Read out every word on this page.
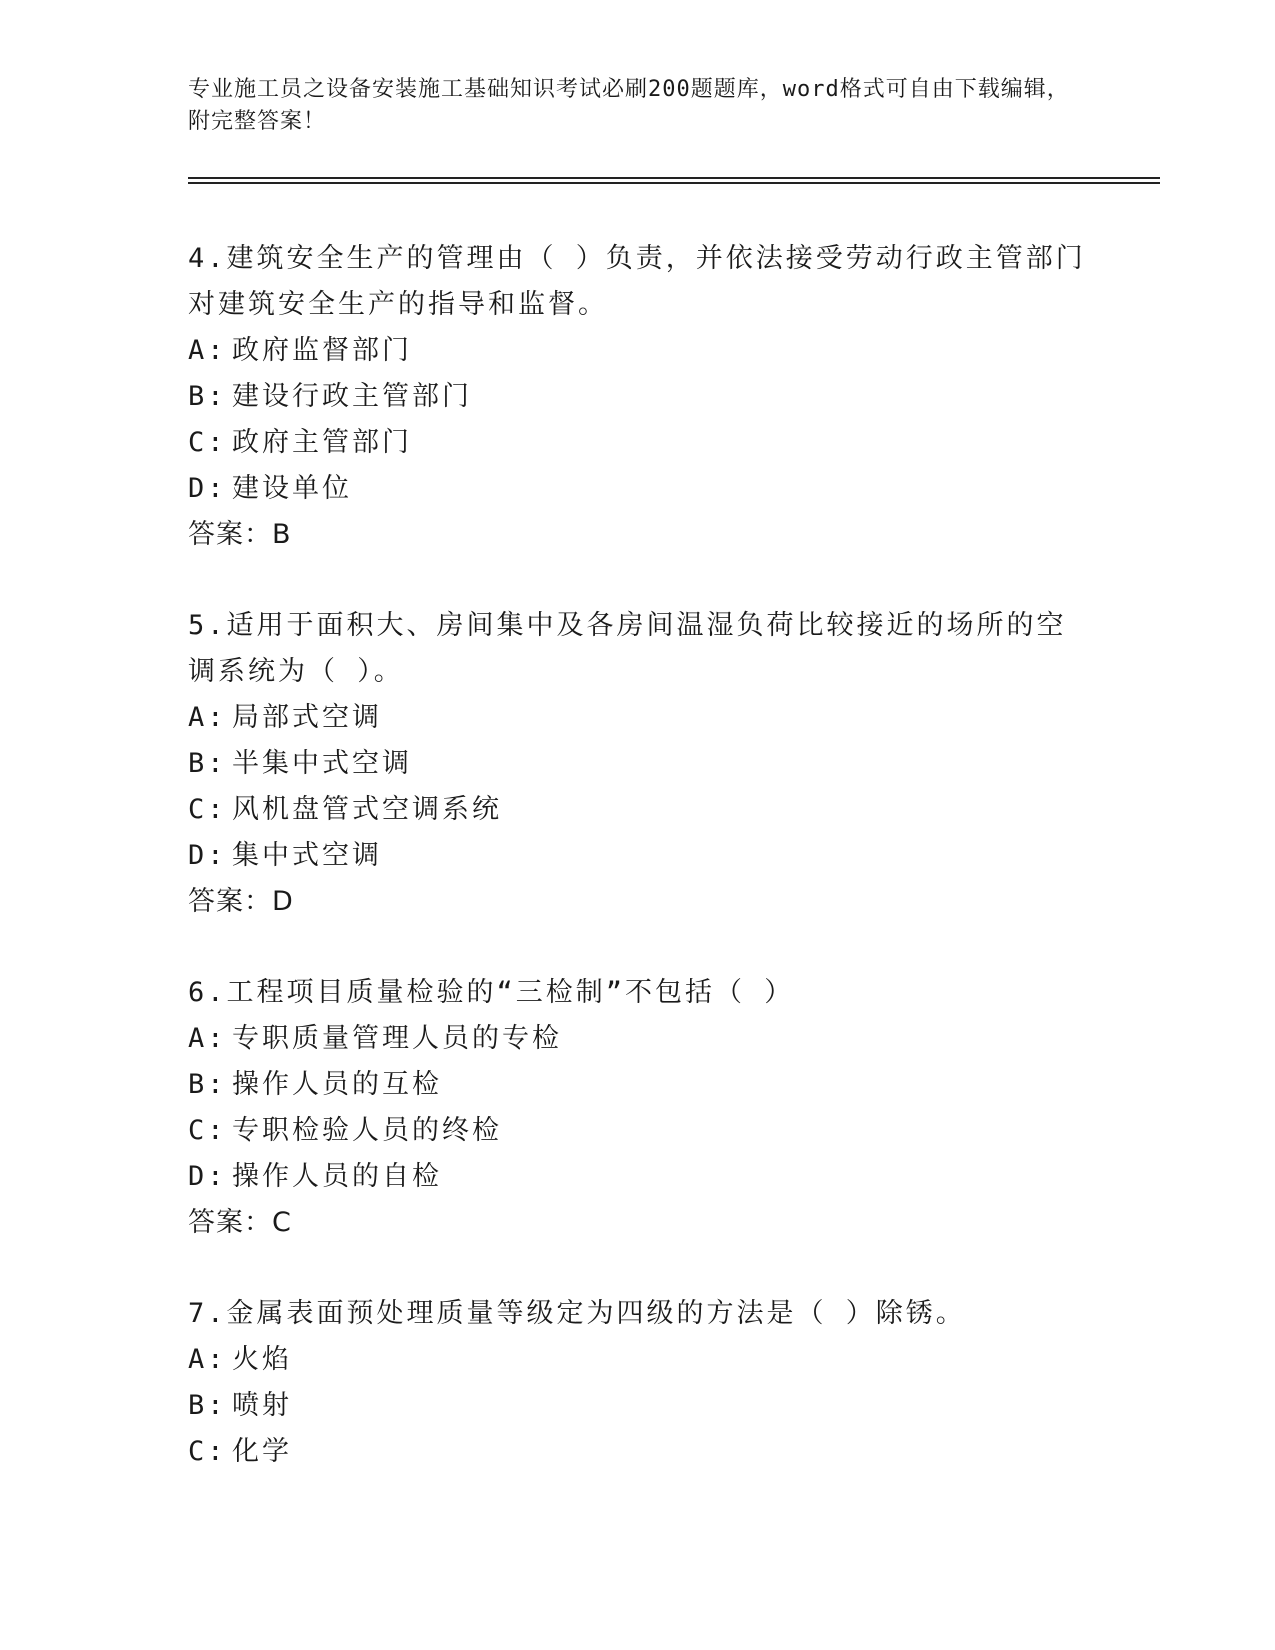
专业施工员之设备安装施工基础知识考试必刷200题题库，word格式可自由下载编辑，附完整答案！
4.建筑安全生产的管理由（ ）负责，并依法接受劳动行政主管部门对建筑安全生产的指导和监督。
A: 政府监督部门
B: 建设行政主管部门
C: 政府主管部门
D: 建设单位
答案：B
5.适用于面积大、房间集中及各房间温湿负荷比较接近的场所的空调系统为（ ）。
A: 局部式空调
B: 半集中式空调
C: 风机盘管式空调系统
D: 集中式空调
答案：D
6.工程项目质量检验的“三检制”不包括（ ）
A: 专职质量管理人员的专检
B: 操作人员的互检
C: 专职检验人员的终检
D: 操作人员的自检
答案：C
7.金属表面预处理质量等级定为四级的方法是（ ）除锈。
A: 火焰
B: 喷射
C: 化学
